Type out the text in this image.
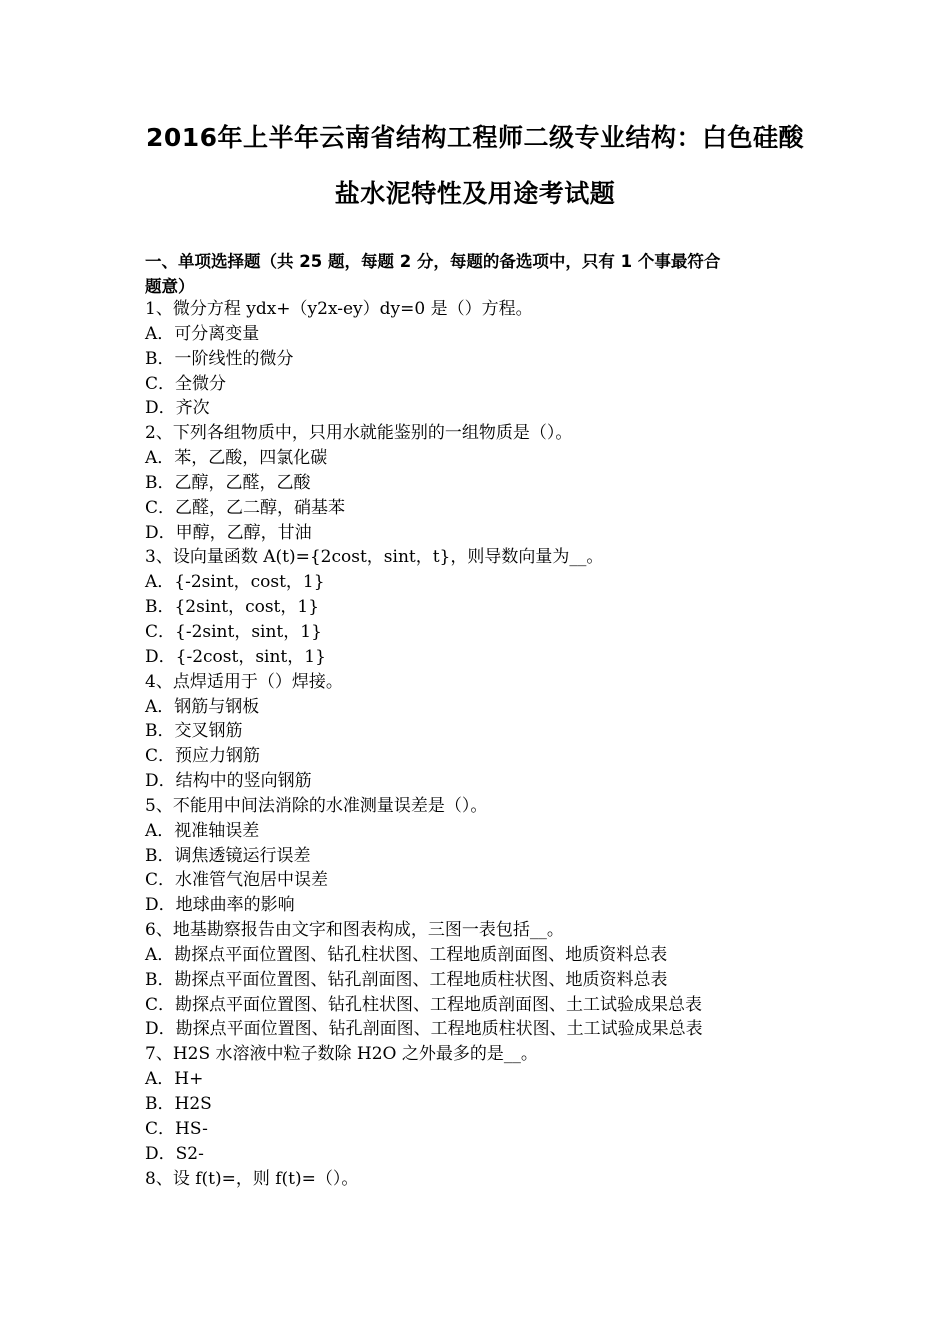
2016年上半年云南省结构工程师二级专业结构：白色硅酸
盐水泥特性及用途考试题
一、单项选择题（共 25 题，每题 2 分，每题的备选项中，只有 1 个事最符合
题意）
1、微分方程 ydx+（y2x-ey）dy=0 是（）方程。
A．可分离变量
B．一阶线性的微分
C．全微分
D．齐次
2、下列各组物质中，只用水就能鉴别的一组物质是（）。
A．苯，乙酸，四氯化碳
B．乙醇，乙醛，乙酸
C．乙醛，乙二醇，硝基苯
D．甲醇，乙醇，甘油
3、设向量函数 A(t)={2cost，sint，t}，则导数向量为__。
A．{-2sint，cost，1}
B．{2sint，cost，1}
C．{-2sint，sint，1}
D．{-2cost，sint，1}
4、点焊适用于（）焊接。
A．钢筋与钢板
B．交叉钢筋
C．预应力钢筋
D．结构中的竖向钢筋
5、不能用中间法消除的水准测量误差是（）。
A．视准轴误差
B．调焦透镜运行误差
C．水准管气泡居中误差
D．地球曲率的影响
6、地基勘察报告由文字和图表构成，三图一表包括__。
A．勘探点平面位置图、钻孔柱状图、工程地质剖面图、地质资料总表
B．勘探点平面位置图、钻孔剖面图、工程地质柱状图、地质资料总表
C．勘探点平面位置图、钻孔柱状图、工程地质剖面图、土工试验成果总表
D．勘探点平面位置图、钻孔剖面图、工程地质柱状图、土工试验成果总表
7、H2S 水溶液中粒子数除 H2O 之外最多的是__。
A．H+
B．H2S
C．HS-
D．S2-
8、设 f(t)=，则 f(t)=（）。
